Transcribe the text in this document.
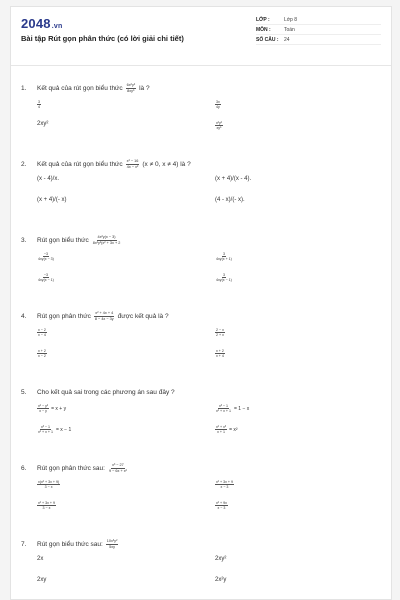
2048.vn
Bài tập Rút gọn phân thức (có lời giải chi tiết)
LỚP :	Lớp 8
MÔN :	Toán
SỐ CÂU :	24
1.	Kết quả của rút gọn biểu thức $\frac{\text{6x²y²}}{\text{8xy⁵}}$ là ?
$\frac{3}{4}$	$\frac{3x}{4y}$
2xy²	$\frac{\text{x²y²}}{\text{xy⁵}}$
2.	Kết quả của rút gọn biểu thức $\frac{\text{x² − 16}}{\text{4x − x²}} (x \ne 0$, x ≠ 4) là ?
(x - 4)/x.	(x + 4)/(x - 4).
(x + 4)/(- x)	(4 - x)/(- x).
3.	Rút gọn biểu thức $\frac{\text{4x²y(x − 3)}}{\text{8x²y²(x² + 3x + 2}}$
$\frac{-3}{4xy(x - 3)}$	$\frac{3}{4xy(x + 1)}$
$\frac{-3}{4xy(x - 1)}$	$\frac{3}{4xy(x - 1)}$
4.	Rút gọn phân thức $\frac{\text{x² + 4x + 4}}{8 - 4x - 3y}$ được kết quả là ?
$\frac{x - 2}{x - 4}$	$\frac{2 - x}{2 + x}$
$\frac{x + 2}{x - 2}$	$\frac{x + 2}{x + 4}$
5.	Cho kết quả sai trong các phương án sau đây ?
$\frac{\text{x² − y²}}{x - y} = x + y$	$\frac{\text{x³ − 1}}{\text{x² + x + 1}} = 1 - x$
$\frac{\text{x³ − 1}}{\text{x² + x + 1}} = x - 1$	$\frac{\text{x² + x³}}{x + 1} = x^2$
6.	Rút gọn phân thức sau: $\frac{\text{x³ − 27}}{\text{9 − 6x + x²}}$
$\frac{\text{x(x² + 3x + 9)}}{3 - x}$	$\frac{\text{x² + 3x + 9}}{x - 3}$
$\frac{\text{x² + 3x + 9}}{3 - x}$	$\frac{\text{x² + 9x}}{x - 3}$
7.	Rút gọn biểu thức sau: $\frac{\text{10x³y²}}{5xy}$
2x	2xy²
2xy	2x²y
